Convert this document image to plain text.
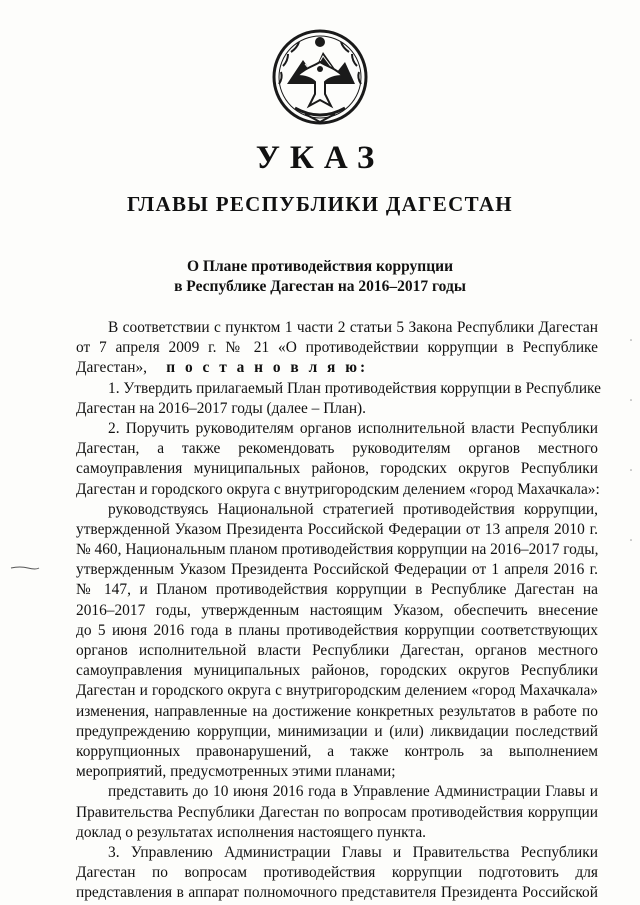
УКАЗ
ГЛАВЫ РЕСПУБЛИКИ ДАГЕСТАН
О Плане противодействия коррупции
в Республике Дагестан на 2016–2017 годы
В соответствии с пунктом 1 части 2 статьи 5 Закона Республики Дагестан
от 7 апреля 2009 г. № 21 «О противодействии коррупции в Республике
Дагестан», п о с т а н о в л я ю:
1. Утвердить прилагаемый План противодействия коррупции в Республике
Дагестан на 2016–2017 годы (далее – План).
2. Поручить руководителям органов исполнительной власти Республики
Дагестан, а также рекомендовать руководителям органов местного
самоуправления муниципальных районов, городских округов Республики
Дагестан и городского округа с внутригородским делением «город Махачкала»:
руководствуясь Национальной стратегией противодействия коррупции,
утвержденной Указом Президента Российской Федерации от 13 апреля 2010 г.
№ 460, Национальным планом противодействия коррупции на 2016–2017 годы,
утвержденным Указом Президента Российской Федерации от 1 апреля 2016 г.
№ 147, и Планом противодействия коррупции в Республике Дагестан на
2016–2017 годы, утвержденным настоящим Указом, обеспечить внесение
до 5 июня 2016 года в планы противодействия коррупции соответствующих
органов исполнительной власти Республики Дагестан, органов местного
самоуправления муниципальных районов, городских округов Республики
Дагестан и городского округа с внутригородским делением «город Махачкала»
изменения, направленные на достижение конкретных результатов в работе по
предупреждению коррупции, минимизации и (или) ликвидации последствий
коррупционных правонарушений, а также контроль за выполнением
мероприятий, предусмотренных этими планами;
представить до 10 июня 2016 года в Управление Администрации Главы и
Правительства Республики Дагестан по вопросам противодействия коррупции
доклад о результатах исполнения настоящего пункта.
3. Управлению Администрации Главы и Правительства Республики
Дагестан по вопросам противодействия коррупции подготовить для
представления в аппарат полномочного представителя Президента Российской
